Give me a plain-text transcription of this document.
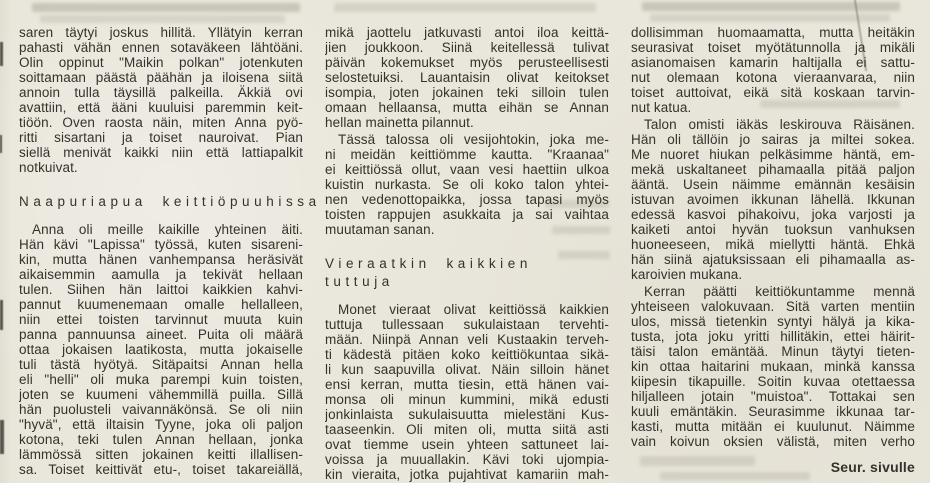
saren täytyi joskus hillitä. Yllätyin kerran
pahasti vähän ennen sotaväkeen lähtöäni.
Olin oppinut "Maikin polkan" jotenkuten
soittamaan päästä päähän ja iloisena siitä
annoin tulla täysillä palkeilla. Äkkiä ovi
avattiin, että ääni kuuluisi paremmin keit-
tiöön. Oven raosta näin, miten Anna pyö-
ritti sisartani ja toiset nauroivat. Pian
siellä menivät kaikki niin että lattiapalkit
notkuivat.
Naapuriapua keittiöpuuhissa
Anna oli meille kaikille yhteinen äiti.
Hän kävi "Lapissa" työssä, kuten sisareni-
kin, mutta hänen vanhempansa heräsivät
aikaisemmin aamulla ja tekivät hellaan
tulen. Siihen hän laittoi kaikkien kahvi-
pannut kuumenemaan omalle hellalleen,
niin ettei toisten tarvinnut muuta kuin
panna pannuunsa aineet. Puita oli määrä
ottaa jokaisen laatikosta, mutta jokaiselle
tuli tästä hyötyä. Sitäpaitsi Annan hella
eli "helli" oli muka parempi kuin toisten,
joten se kuumeni vähemmillä puilla. Sillä
hän puolusteli vaivannäkönsä. Se oli niin
"hyvä", että iltaisin Tyyne, joka oli paljon
kotona, teki tulen Annan hellaan, jonka
lämmössä sitten jokainen keitti illallisen-
sa. Toiset keittivät etu-, toiset takareiällä,
mikä jaottelu jatkuvasti antoi iloa keittä-
jien joukkoon. Siinä keitellessä tulivat
päivän kokemukset myös perusteellisesti
selostetuiksi. Lauantaisin olivat keitokset
isompia, joten jokainen teki silloin tulen
omaan hellaansa, mutta eihän se Annan
hellan mainetta pilannut.
Tässä talossa oli vesijohtokin, joka me-
ni meidän keittiömme kautta. "Kraanaa"
ei keittiössä ollut, vaan vesi haettiin ulkoa
kuistin nurkasta. Se oli koko talon yhtei-
nen vedenottopaikka, jossa tapasi myös
toisten rappujen asukkaita ja sai vaihtaa
muutaman sanan.
Vieraatkin kaikkien
tuttuja
Monet vieraat olivat keittiössä kaikkien
tuttuja tullessaan sukulaistaan tervehti-
mään. Niinpä Annan veli Kustaakin terveh-
ti kädestä pitäen koko keittiökuntaa sikä-
li kun saapuvilla olivat. Näin silloin hänet
ensi kerran, mutta tiesin, että hänen vai-
monsa oli minun kummini, mikä edusti
jonkinlaista sukulaisuutta mielestäni Kus-
taaseenkin. Oli miten oli, mutta siitä asti
ovat tiemme usein yhteen sattuneet lai-
voissa ja muuallakin. Kävi toki ujompia-
kin vieraita, jotka pujahtivat kamariin mah-
dollisimman huomaamatta, mutta heitäkin
seurasivat toiset myötätunnolla ja mikäli
asianomaisen kamarin haltijalla ei sattu-
nut olemaan kotona vieraanvaraa, niin
toiset auttoivat, eikä sitä koskaan tarvin-
nut katua.
Talon omisti iäkäs leskirouva Räisänen.
Hän oli tällöin jo sairas ja miltei sokea.
Me nuoret hiukan pelkäsimme häntä, em-
mekä uskaltaneet pihamaalla pitää paljon
ääntä. Usein näimme emännän kesäisin
istuvan avoimen ikkunan lähellä. Ikkunan
edessä kasvoi pihakoivu, joka varjosti ja
kaiketi antoi hyvän tuoksun vanhuksen
huoneeseen, mikä miellytti häntä. Ehkä
hän siinä ajatuksissaan eli pihamaalla as-
karoivien mukana.
Kerran päätti keittiökuntamme mennä
yhteiseen valokuvaan. Sitä varten mentiin
ulos, missä tietenkin syntyi hälyä ja kika-
tusta, jota joku yritti hillitäkin, ettei häirit-
täisi talon emäntää. Minun täytyi tieten-
kin ottaa haitarini mukaan, minkä kanssa
kiipesin tikapuille. Soitin kuvaa otettaessa
hiljalleen jotain "muistoa". Tottakai sen
kuuli emäntäkin. Seurasimme ikkunaa tar-
kasti, mutta mitään ei kuulunut. Näimme
vain koivun oksien välistä, miten verho
Seur. sivulle
